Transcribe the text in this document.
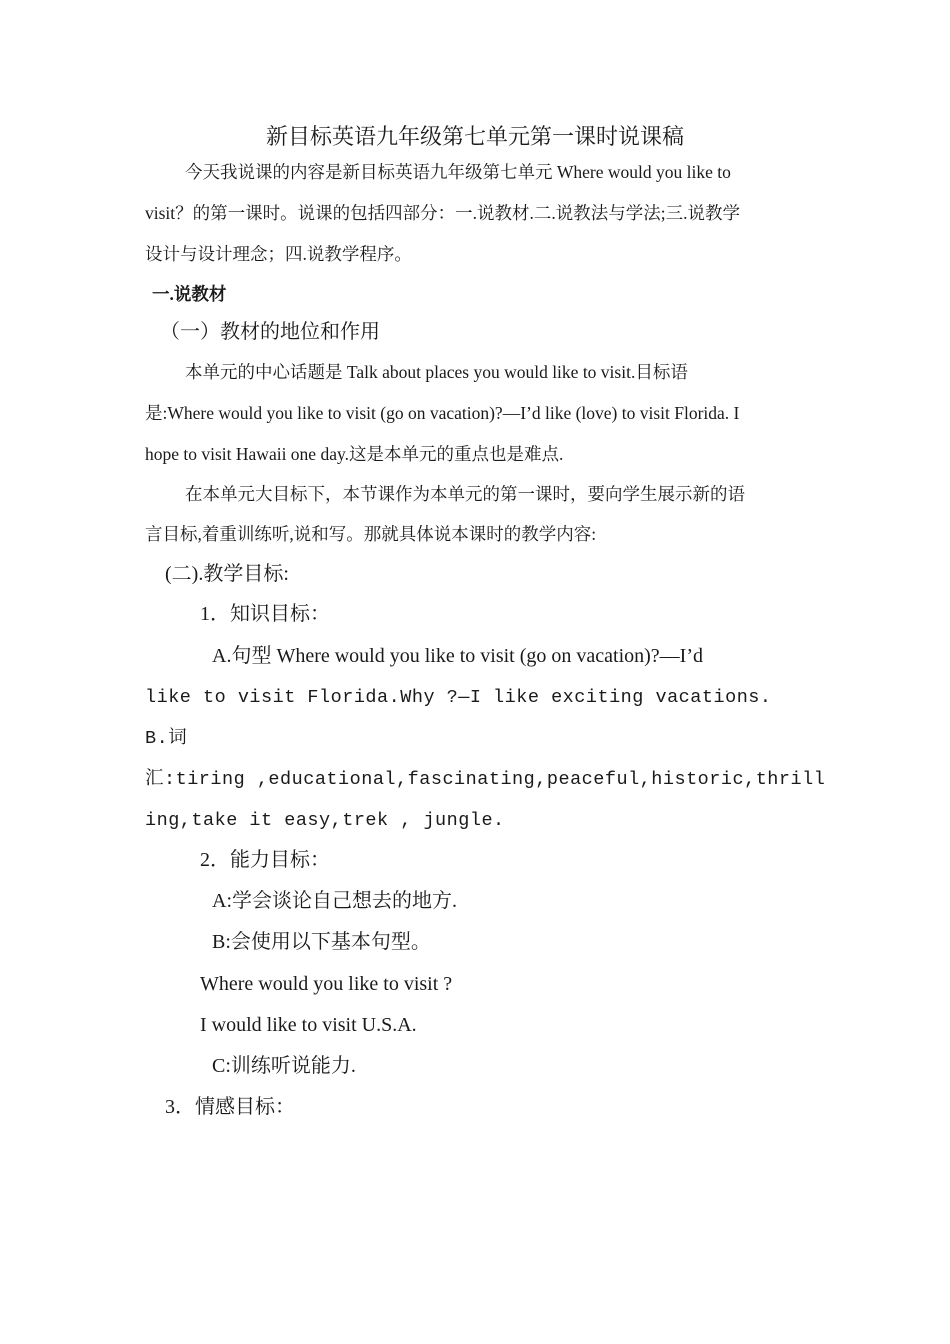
新目标英语九年级第七单元第一课时说课稿
今天我说课的内容是新目标英语九年级第七单元 Where would you like to
visit？的第一课时。说课的包括四部分：一.说教材.二.说教法与学法;三.说教学
设计与设计理念；四.说教学程序。
一.说教材
（一）教材的地位和作用
本单元的中心话题是 Talk about places you would like to visit.目标语
是:Where would you like to visit (go on vacation)?—I’d like (love) to visit Florida. I
hope to visit Hawaii one day.这是本单元的重点也是难点.
在本单元大目标下，本节课作为本单元的第一课时，要向学生展示新的语
言目标,着重训练听,说和写。那就具体说本课时的教学内容:
(二).教学目标:
1．知识目标：
A.句型 Where would you like to visit (go on vacation)?—I’d
like to visit Florida.Why ?—I like exciting vacations.
B.词
汇:tiring ,educational,fascinating,peaceful,historic,thrill
ing,take it easy,trek , jungle.
2．能力目标：
A:学会谈论自己想去的地方.
B:会使用以下基本句型。
Where would you like to visit ?
I would like to visit U.S.A.
C:训练听说能力.
3．情感目标：
